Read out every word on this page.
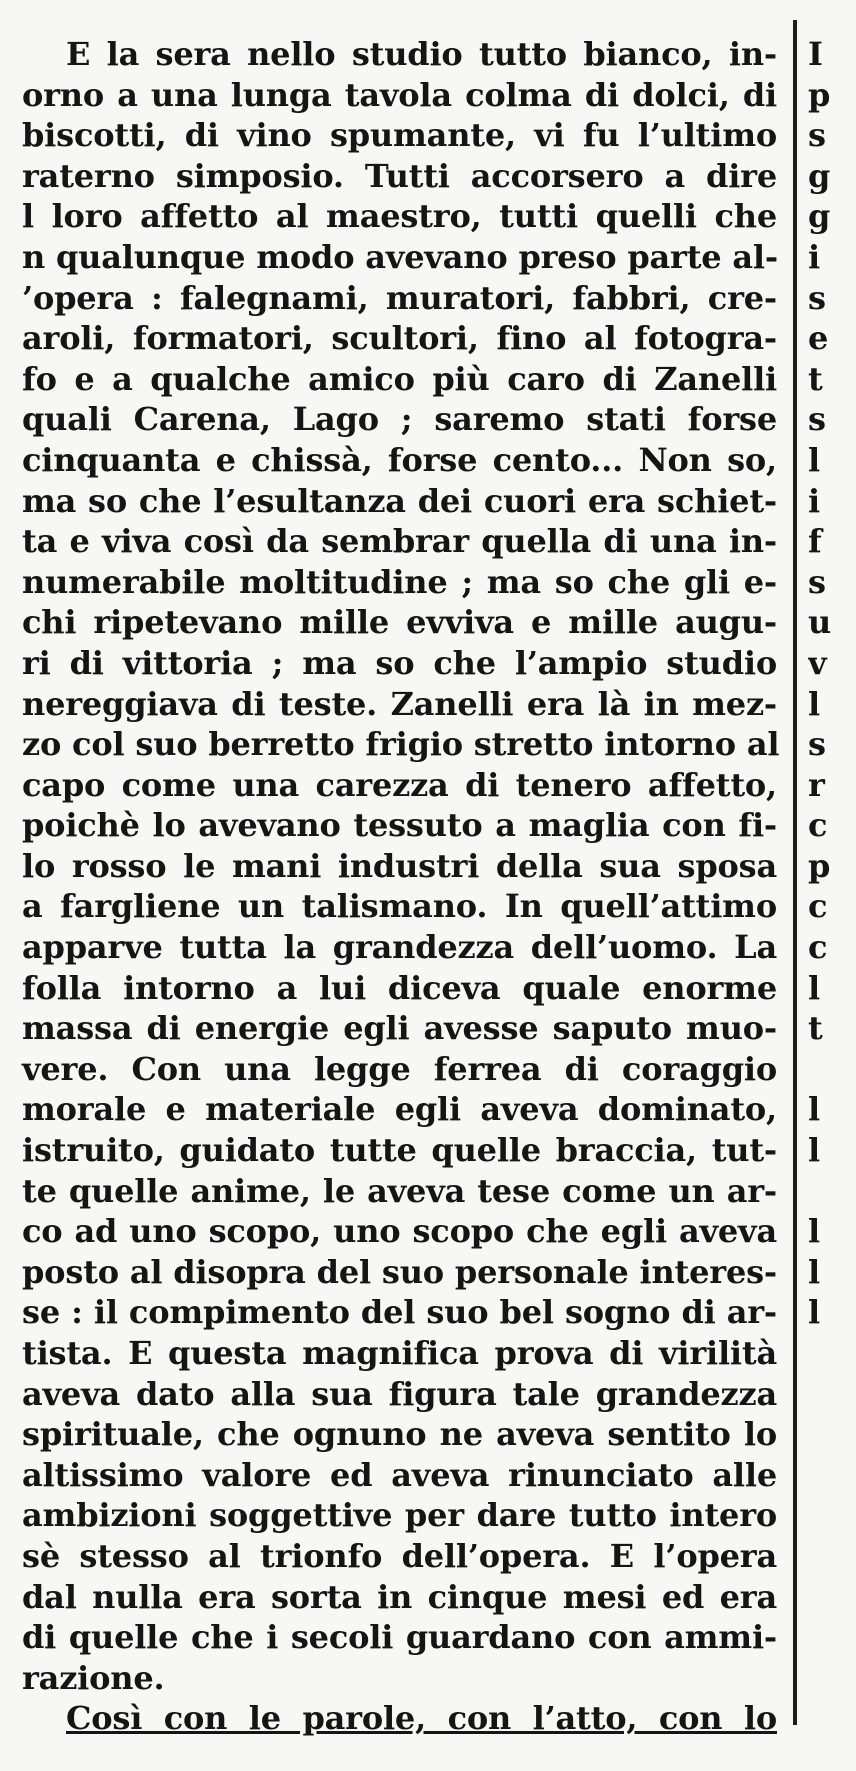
E la sera nello studio tutto bianco, in-
orno a una lunga tavola colma di dolci, di
biscotti, di vino spumante, vi fu l’ultimo
raterno simposio. Tutti accorsero a dire
l loro affetto al maestro, tutti quelli che
n qualunque modo avevano preso parte al-
’opera : falegnami, muratori, fabbri, cre-
aroli, formatori, scultori, fino al fotogra-
fo e a qualche amico più caro di Zanelli
quali Carena, Lago ; saremo stati forse
cinquanta e chissà, forse cento... Non so,
ma so che l’esultanza dei cuori era schiet-
ta e viva così da sembrar quella di una in-
numerabile moltitudine ; ma so che gli e-
chi ripetevano mille evviva e mille augu-
ri di vittoria ; ma so che l’ampio studio
nereggiava di teste. Zanelli era là in mez-
zo col suo berretto frigio stretto intorno al
capo come una carezza di tenero affetto,
poichè lo avevano tessuto a maglia con fi-
lo rosso le mani industri della sua sposa
a fargliene un talismano. In quell’attimo
apparve tutta la grandezza dell’uomo. La
folla intorno a lui diceva quale enorme
massa di energie egli avesse saputo muo-
vere. Con una legge ferrea di coraggio
morale e materiale egli aveva dominato,
istruito, guidato tutte quelle braccia, tut-
te quelle anime, le aveva tese come un ar-
co ad uno scopo, uno scopo che egli aveva
posto al disopra del suo personale interes-
se : il compimento del suo bel sogno di ar-
tista. E questa magnifica prova di virilità
aveva dato alla sua figura tale grandezza
spirituale, che ognuno ne aveva sentito lo
altissimo valore ed aveva rinunciato alle
ambizioni soggettive per dare tutto intero
sè stesso al trionfo dell’opera. E l’opera
dal nulla era sorta in cinque mesi ed era
di quelle che i secoli guardano con ammi-
razione.
Così con le parole, con l’atto, con lo
I
p
s
g
g
i
s
e
t
s
l
i
f
s
u
v
l
s
r
c
p
c
c
l
t
l
l
l
l
l
